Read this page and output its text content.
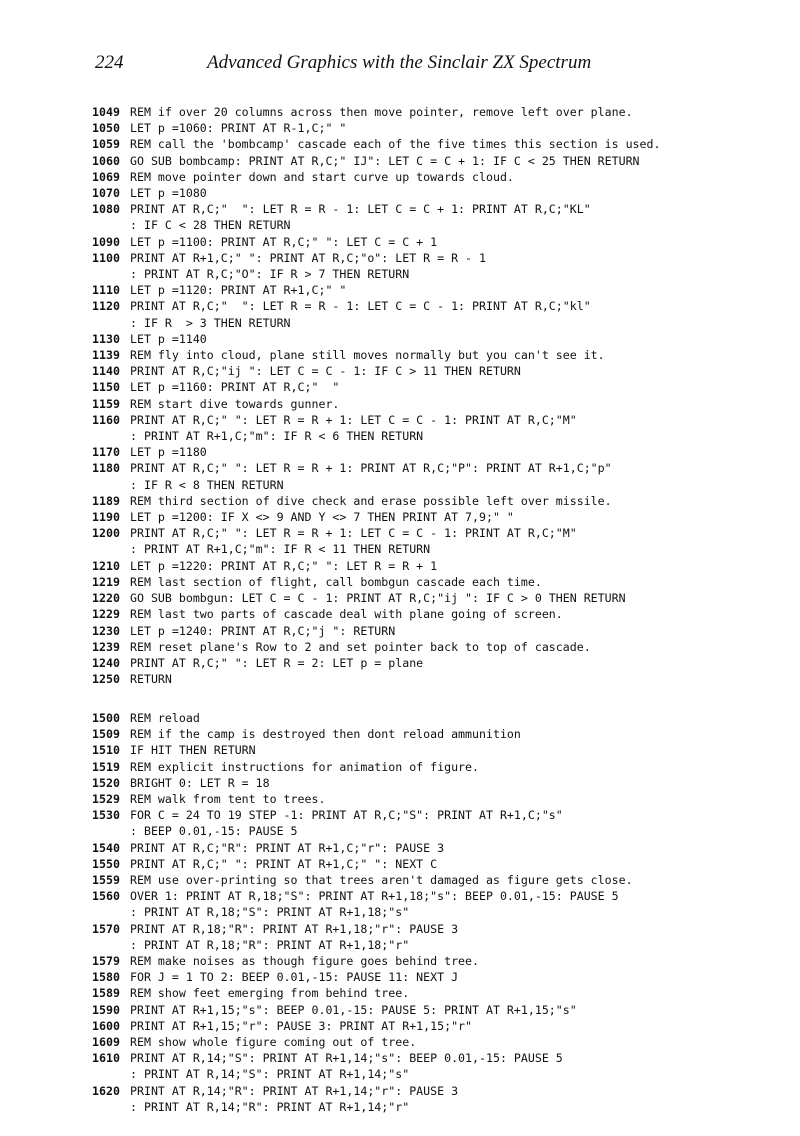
224	Advanced Graphics with the Sinclair ZX Spectrum
1049 REM if over 20 columns across then move pointer, remove left over plane.
1050 LET p =1060: PRINT AT R-1,C;" "
1059 REM call the 'bombcamp' cascade each of the five times this section is used.
1060 GO SUB bombcamp: PRINT AT R,C;" IJ": LET C = C + 1: IF C < 25 THEN RETURN
1069 REM move pointer down and start curve up towards cloud.
1070 LET p =1080
1080 PRINT AT R,C;"  ": LET R = R - 1: LET C = C + 1: PRINT AT R,C;"KL"
: IF C < 28 THEN RETURN
1090 LET p =1100: PRINT AT R,C;" ": LET C = C + 1
1100 PRINT AT R+1,C;" ": PRINT AT R,C;"o": LET R = R - 1
: PRINT AT R,C;"O": IF R > 7 THEN RETURN
1110 LET p =1120: PRINT AT R+1,C;" "
1120 PRINT AT R,C;"  ": LET R = R - 1: LET C = C - 1: PRINT AT R,C;"kl"
: IF R  > 3 THEN RETURN
1130 LET p =1140
1139 REM fly into cloud, plane still moves normally but you can't see it.
1140 PRINT AT R,C;"ij ": LET C = C - 1: IF C > 11 THEN RETURN
1150 LET p =1160: PRINT AT R,C;"  "
1159 REM start dive towards gunner.
1160 PRINT AT R,C;" ": LET R = R + 1: LET C = C - 1: PRINT AT R,C;"M"
: PRINT AT R+1,C;"m": IF R < 6 THEN RETURN
1170 LET p =1180
1180 PRINT AT R,C;" ": LET R = R + 1: PRINT AT R,C;"P": PRINT AT R+1,C;"p"
: IF R < 8 THEN RETURN
1189 REM third section of dive check and erase possible left over missile.
1190 LET p =1200: IF X <> 9 AND Y <> 7 THEN PRINT AT 7,9;" "
1200 PRINT AT R,C;" ": LET R = R + 1: LET C = C - 1: PRINT AT R,C;"M"
: PRINT AT R+1,C;"m": IF R < 11 THEN RETURN
1210 LET p =1220: PRINT AT R,C;" ": LET R = R + 1
1219 REM last section of flight, call bombgun cascade each time.
1220 GO SUB bombgun: LET C = C - 1: PRINT AT R,C;"ij ": IF C > 0 THEN RETURN
1229 REM last two parts of cascade deal with plane going of screen.
1230 LET p =1240: PRINT AT R,C;"j ": RETURN
1239 REM reset plane's Row to 2 and set pointer back to top of cascade.
1240 PRINT AT R,C;" ": LET R = 2: LET p = plane
1250 RETURN
1500 REM reload
1509 REM if the camp is destroyed then dont reload ammunition
1510 IF HIT THEN RETURN
1519 REM explicit instructions for animation of figure.
1520 BRIGHT 0: LET R = 18
1529 REM walk from tent to trees.
1530 FOR C = 24 TO 19 STEP -1: PRINT AT R,C;"S": PRINT AT R+1,C;"s"
: BEEP 0.01,-15: PAUSE 5
1540 PRINT AT R,C;"R": PRINT AT R+1,C;"r": PAUSE 3
1550 PRINT AT R,C;" ": PRINT AT R+1,C;" ": NEXT C
1559 REM use over-printing so that trees aren't damaged as figure gets close.
1560 OVER 1: PRINT AT R,18;"S": PRINT AT R+1,18;"s": BEEP 0.01,-15: PAUSE 5
: PRINT AT R,18;"S": PRINT AT R+1,18;"s"
1570 PRINT AT R,18;"R": PRINT AT R+1,18;"r": PAUSE 3
: PRINT AT R,18;"R": PRINT AT R+1,18;"r"
1579 REM make noises as though figure goes behind tree.
1580 FOR J = 1 TO 2: BEEP 0.01,-15: PAUSE 11: NEXT J
1589 REM show feet emerging from behind tree.
1590 PRINT AT R+1,15;"s": BEEP 0.01,-15: PAUSE 5: PRINT AT R+1,15;"s"
1600 PRINT AT R+1,15;"r": PAUSE 3: PRINT AT R+1,15;"r"
1609 REM show whole figure coming out of tree.
1610 PRINT AT R,14;"S": PRINT AT R+1,14;"s": BEEP 0.01,-15: PAUSE 5
: PRINT AT R,14;"S": PRINT AT R+1,14;"s"
1620 PRINT AT R,14;"R": PRINT AT R+1,14;"r": PAUSE 3
: PRINT AT R,14;"R": PRINT AT R+1,14;"r"
